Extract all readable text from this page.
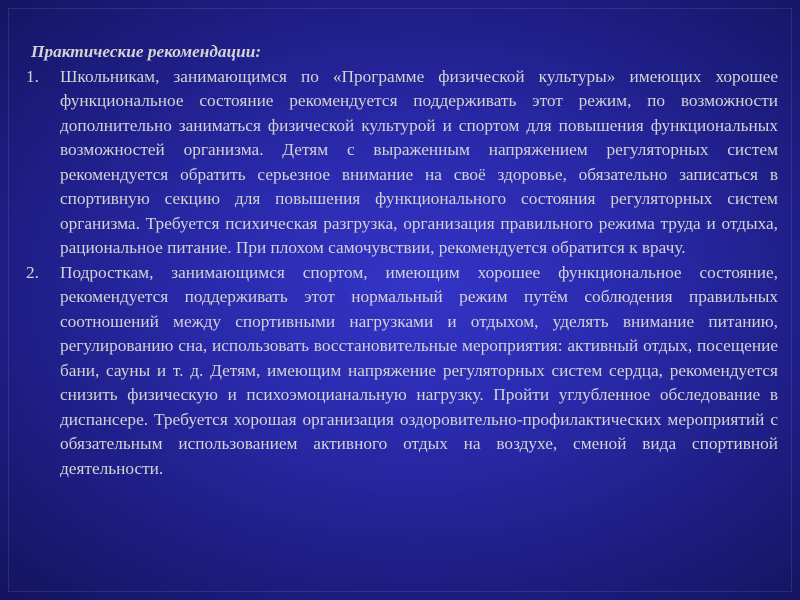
Практические рекомендации:

1. Школьникам, занимающимся по «Программе физической культуры» имеющих хорошее функциональное состояние рекомендуется поддерживать этот режим, по возможности дополнительно заниматься физической культурой и спортом для повышения функциональных возможностей организма. Детям с выраженным напряжением регуляторных систем рекомендуется обратить серьезное внимание на своё здоровье, обязательно записаться в спортивную секцию для повышения функционального состояния регуляторных систем организма. Требуется психическая разгрузка, организация правильного режима труда и отдыха, рациональное питание. При плохом самочувствии, рекомендуется обратится к врачу.
2. Подросткам, занимающимся спортом, имеющим хорошее функциональное состояние, рекомендуется поддерживать этот нормальный режим путём соблюдения правильных соотношений между спортивными нагрузками и отдыхом, уделять внимание питанию, регулированию сна, использовать восстановительные мероприятия: активный отдых, посещение бани, сауны и т. д. Детям, имеющим напряжение регуляторных систем сердца, рекомендуется снизить физическую и психоэмоцианальную нагрузку. Пройти углубленное обследование в диспансере. Требуется хорошая организация оздоровительно-профилактических мероприятий с обязательным использованием активного отдых на воздухе, сменой вида спортивной деятельности.
